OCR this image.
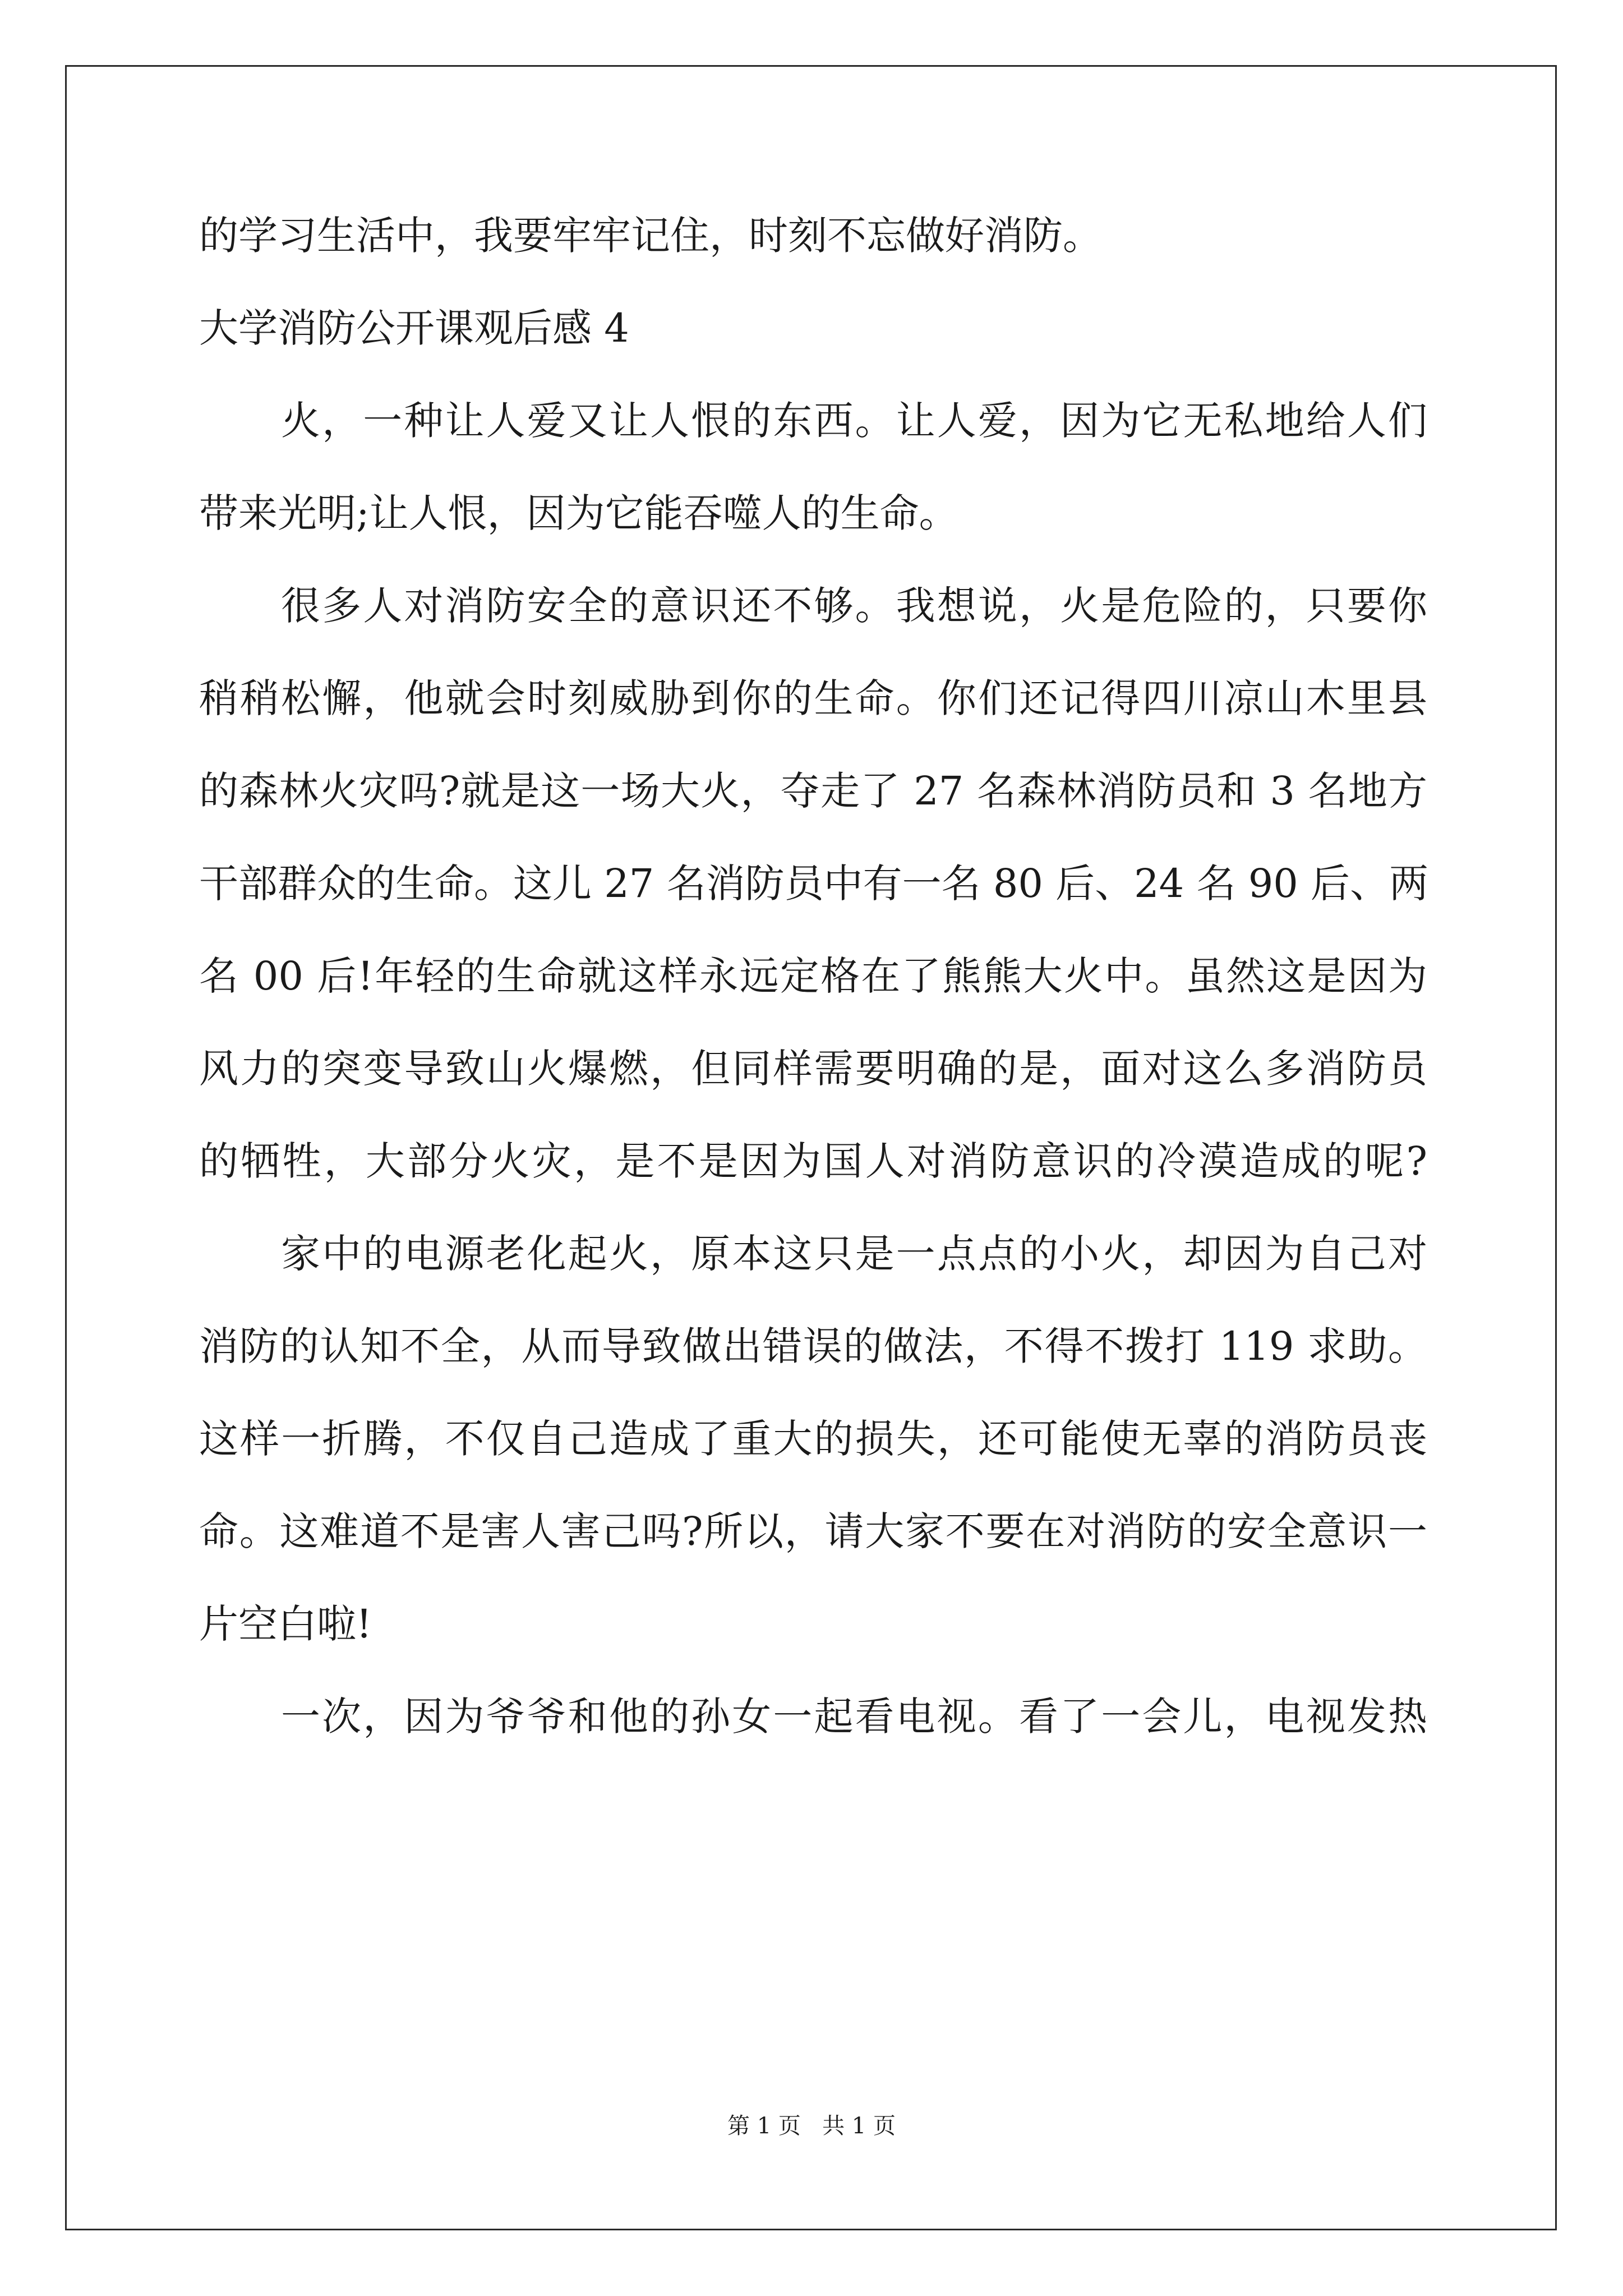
的学习生活中，我要牢牢记住，时刻不忘做好消防。
大学消防公开课观后感 4
火，一种让人爱又让人恨的东西。让人爱，因为它无私地给人们
带来光明;让人恨，因为它能吞噬人的生命。
很多人对消防安全的意识还不够。我想说，火是危险的，只要你
稍稍松懈，他就会时刻威胁到你的生命。你们还记得四川凉山木里县
的森林火灾吗?就是这一场大火，夺走了 27 名森林消防员和 3 名地方
干部群众的生命。这儿 27 名消防员中有一名 80 后、24 名 90 后、两
名 00 后!年轻的生命就这样永远定格在了熊熊大火中。虽然这是因为
风力的突变导致山火爆燃，但同样需要明确的是，面对这么多消防员
的牺牲，大部分火灾，是不是因为国人对消防意识的冷漠造成的呢?
家中的电源老化起火，原本这只是一点点的小火，却因为自己对
消防的认知不全，从而导致做出错误的做法，不得不拨打 119 求助。
这样一折腾，不仅自己造成了重大的损失，还可能使无辜的消防员丧
命。这难道不是害人害己吗?所以，请大家不要在对消防的安全意识一
片空白啦!
一次，因为爷爷和他的孙女一起看电视。看了一会儿，电视发热
第 1 页   共 1 页
